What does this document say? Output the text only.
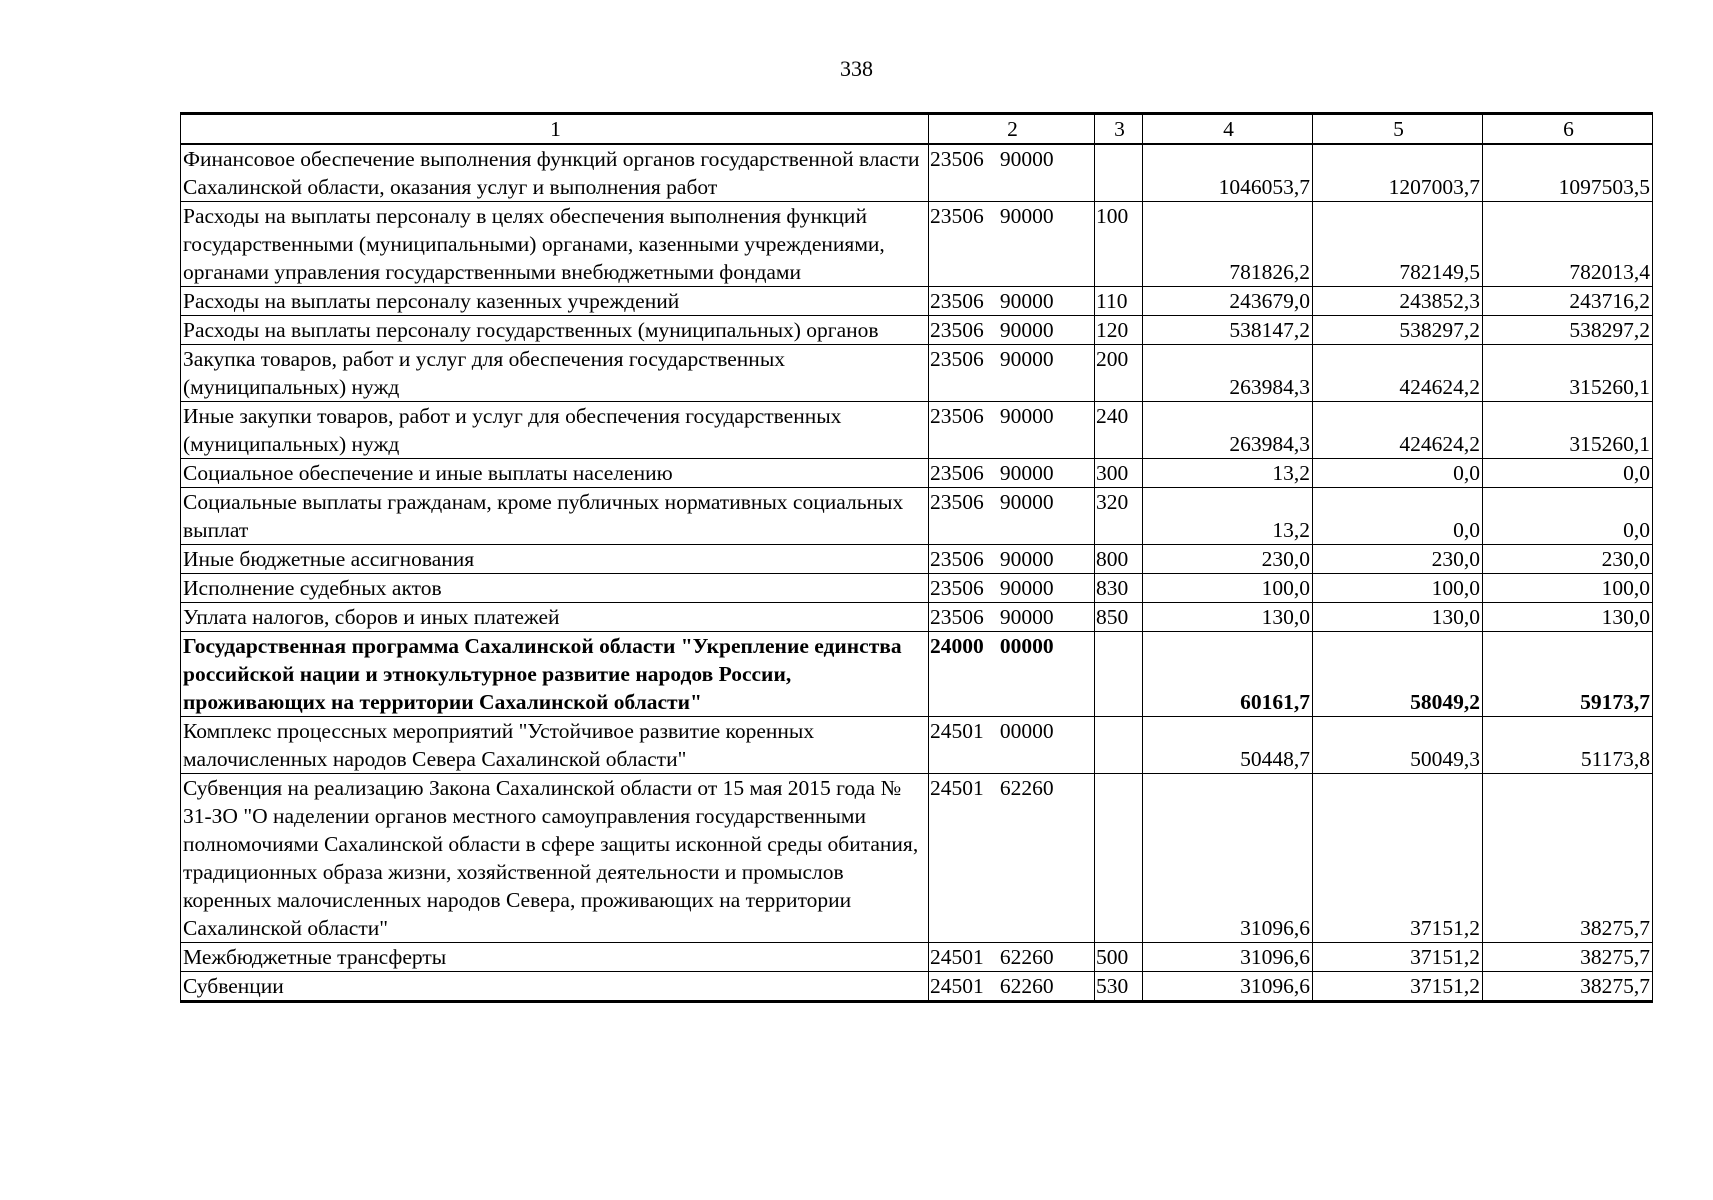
338
1	2	3	4	5	6
Финансовое обеспечение выполнения функций органов государственной власти Сахалинской области, оказания услуг и выполнения работ	23506   90000		1046053,7	1207003,7	1097503,5
Расходы на выплаты персоналу в целях обеспечения выполнения функций государственными (муниципальными) органами, казенными учреждениями, органами управления государственными внебюджетными фондами	23506   90000	100	781826,2	782149,5	782013,4
Расходы на выплаты персоналу казенных учреждений	23506   90000	110	243679,0	243852,3	243716,2
Расходы на выплаты персоналу государственных (муниципальных) органов	23506   90000	120	538147,2	538297,2	538297,2
Закупка товаров, работ и услуг для обеспечения государственных (муниципальных) нужд	23506   90000	200	263984,3	424624,2	315260,1
Иные закупки товаров, работ и услуг для обеспечения государственных (муниципальных) нужд	23506   90000	240	263984,3	424624,2	315260,1
Социальное обеспечение и иные выплаты населению	23506   90000	300	13,2	0,0	0,0
Социальные выплаты гражданам, кроме публичных нормативных социальных выплат	23506   90000	320	13,2	0,0	0,0
Иные бюджетные ассигнования	23506   90000	800	230,0	230,0	230,0
Исполнение судебных актов	23506   90000	830	100,0	100,0	100,0
Уплата налогов, сборов и иных платежей	23506   90000	850	130,0	130,0	130,0
Государственная программа Сахалинской области "Укрепление единства российской нации и этнокультурное развитие народов России, проживающих на территории Сахалинской области"	24000   00000		60161,7	58049,2	59173,7
Комплекс процессных мероприятий "Устойчивое развитие коренных малочисленных народов Севера Сахалинской области"	24501   00000		50448,7	50049,3	51173,8
Субвенция на реализацию Закона Сахалинской области от 15 мая 2015 года № 31-ЗО "О наделении органов местного самоуправления государственными полномочиями Сахалинской области в сфере защиты исконной среды обитания, традиционных образа жизни, хозяйственной деятельности и промыслов коренных малочисленных народов Севера, проживающих на территории Сахалинской области"	24501   62260		31096,6	37151,2	38275,7
Межбюджетные трансферты	24501   62260	500	31096,6	37151,2	38275,7
Субвенции	24501   62260	530	31096,6	37151,2	38275,7
